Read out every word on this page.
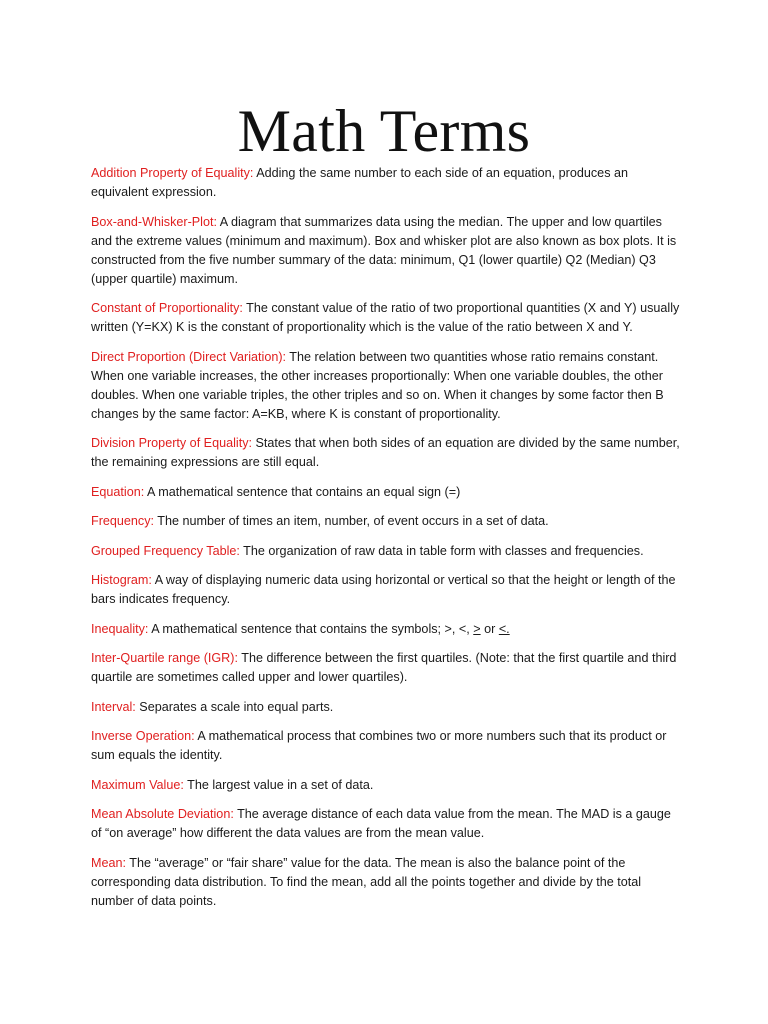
Math Terms

Addition Property of Equality: Adding the same number to each side of an equation, produces an equivalent expression.

Box-and-Whisker-Plot: A diagram that summarizes data using the median. The upper and low quartiles and the extreme values (minimum and maximum). Box and whisker plot are also known as box plots. It is constructed from the five number summary of the data: minimum, Q1 (lower quartile) Q2 (Median) Q3 (upper quartile) maximum.

Constant of Proportionality: The constant value of the ratio of two proportional quantities (X and Y) usually written (Y=KX) K is the constant of proportionality which is the value of the ratio between X and Y.

Direct Proportion (Direct Variation): The relation between two quantities whose ratio remains constant. When one variable increases, the other increases proportionally: When one variable doubles, the other doubles. When one variable triples, the other triples and so on. When it changes by some factor then B changes by the same factor: A=KB, where K is constant of proportionality.

Division Property of Equality: States that when both sides of an equation are divided by the same number, the remaining expressions are still equal.

Equation: A mathematical sentence that contains an equal sign (=)

Frequency: The number of times an item, number, of event occurs in a set of data.

Grouped Frequency Table: The organization of raw data in table form with classes and frequencies.

Histogram: A way of displaying numeric data using horizontal or vertical so that the height or length of the bars indicates frequency.

Inequality: A mathematical sentence that contains the symbols; >, <, > or <.

Inter-Quartile range (IGR): The difference between the first quartiles. (Note: that the first quartile and third quartile are sometimes called upper and lower quartiles).

Interval: Separates a scale into equal parts.

Inverse Operation: A mathematical process that combines two or more numbers such that its product or sum equals the identity.

Maximum Value: The largest value in a set of data.

Mean Absolute Deviation: The average distance of each data value from the mean. The MAD is a gauge of “on average” how different the data values are from the mean value.

Mean: The “average” or “fair share” value for the data. The mean is also the balance point of the corresponding data distribution. To find the mean, add all the points together and divide by the total number of data points.
